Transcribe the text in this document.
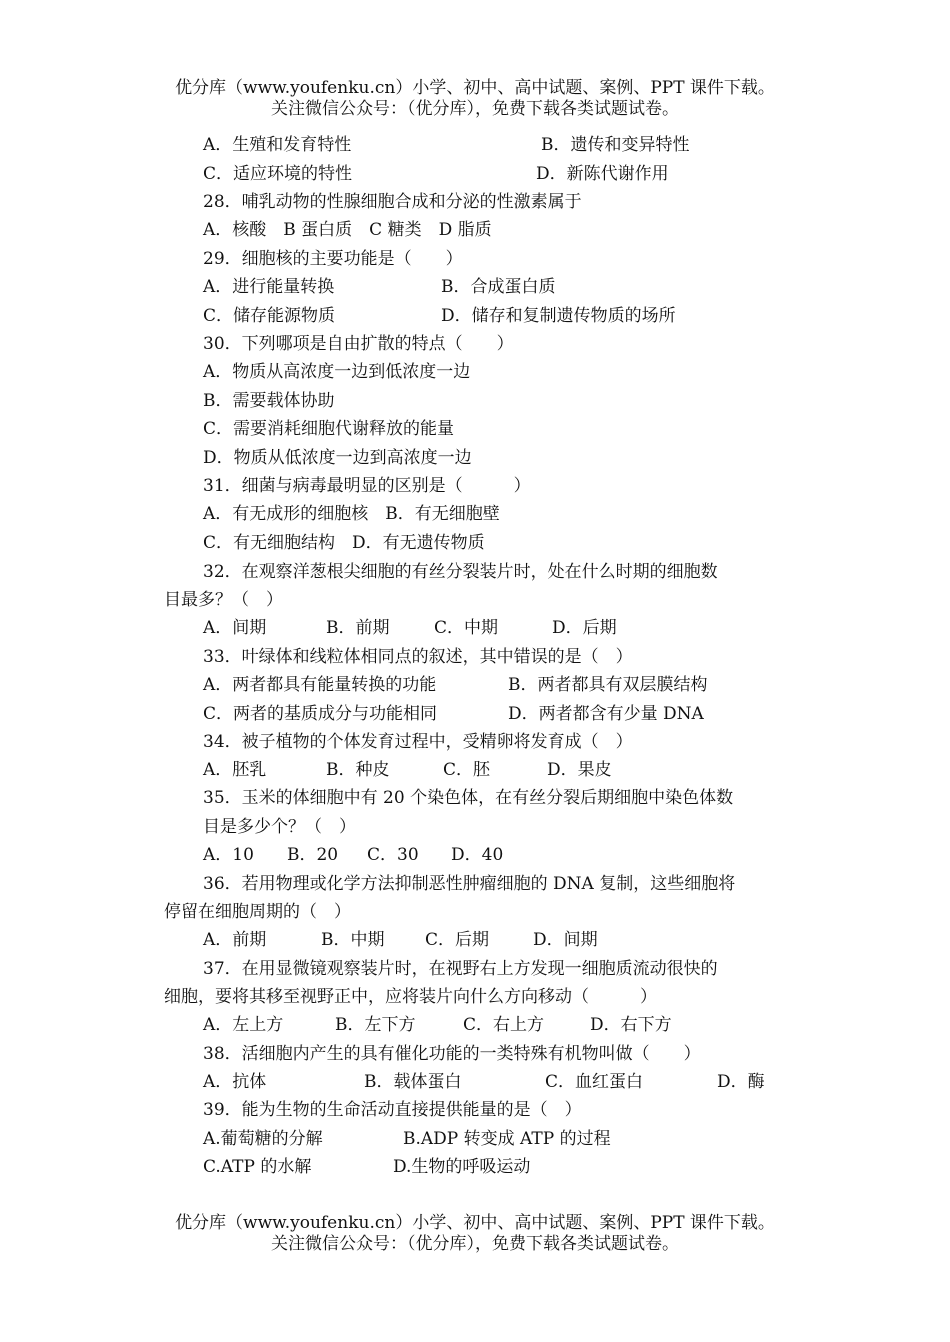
优分库（www.youfenku.cn）小学、初中、高中试题、案例、PPT 课件下载。
关注微信公众号：（优分库），免费下载各类试题试卷。
A．生殖和发育特性	B．遗传和变异特性
C．适应环境的特性	D．新陈代谢作用
28．哺乳动物的性腺细胞合成和分泌的性激素属于
A．核酸　B 蛋白质　C 糖类　D 脂质
29．细胞核的主要功能是（　　）
A．进行能量转换	B．合成蛋白质
C．储存能源物质	D．储存和复制遗传物质的场所
30．下列哪项是自由扩散的特点（　　）
A．物质从高浓度一边到低浓度一边
B．需要载体协助
C．需要消耗细胞代谢释放的能量
D．物质从低浓度一边到高浓度一边
31．细菌与病毒最明显的区别是（　　　）
A．有无成形的细胞核　B．有无细胞壁
C．有无细胞结构　D．有无遗传物质
32．在观察洋葱根尖细胞的有丝分裂装片时，处在什么时期的细胞数
目最多？（　）
A．间期	B．前期	C．中期	D．后期
33．叶绿体和线粒体相同点的叙述，其中错误的是（　）
A．两者都具有能量转换的功能	B．两者都具有双层膜结构
C．两者的基质成分与功能相同	D．两者都含有少量 DNA
34．被子植物的个体发育过程中，受精卵将发育成（　）
A．胚乳	B．种皮	C．胚	D．果皮
35．玉米的体细胞中有 20 个染色体，在有丝分裂后期细胞中染色体数
目是多少个？（　）
A．10 B．20 C．30 D．40
36．若用物理或化学方法抑制恶性肿瘤细胞的 DNA 复制，这些细胞将
停留在细胞周期的（　）
A．前期	B．中期 C．后期	D．间期
37．在用显微镜观察装片时，在视野右上方发现一细胞质流动很快的
细胞，要将其移至视野正中，应将装片向什么方向移动（　　　）
A．左上方	B．左下方	C．右上方	D．右下方
38．活细胞内产生的具有催化功能的一类特殊有机物叫做（　　）
A．抗体	B．载体蛋白	C．血红蛋白	D．酶
39．能为生物的生命活动直接提供能量的是（　）
A.葡萄糖的分解	B.ADP 转变成 ATP 的过程
C.ATP 的水解	D.生物的呼吸运动
优分库（www.youfenku.cn）小学、初中、高中试题、案例、PPT 课件下载。
关注微信公众号：（优分库），免费下载各类试题试卷。
